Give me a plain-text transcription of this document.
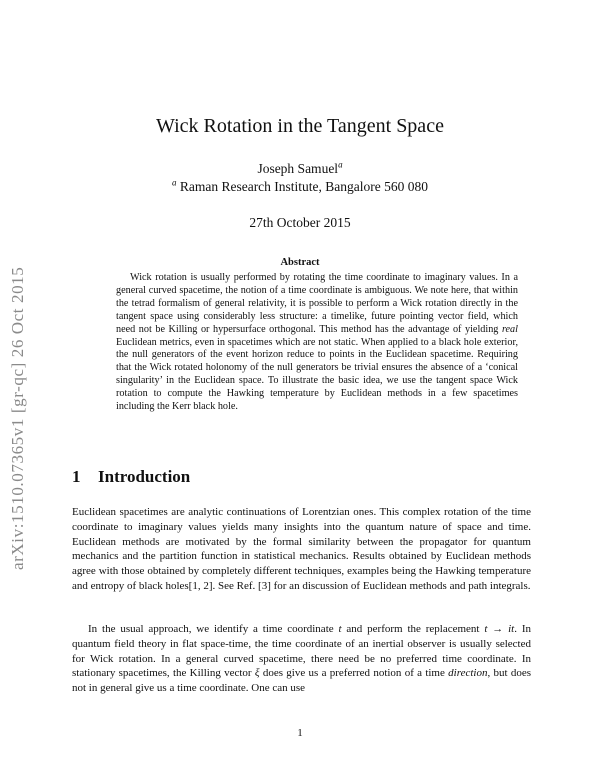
arXiv:1510.07365v1 [gr-qc] 26 Oct 2015
Wick Rotation in the Tangent Space
Joseph Samuel$^a$
$^a$ Raman Research Institute, Bangalore 560 080
27th October 2015
Abstract
Wick rotation is usually performed by rotating the time coordinate to imaginary values. In a general curved spacetime, the notion of a time coordinate is ambiguous. We note here, that within the tetrad formalism of general relativity, it is possible to perform a Wick rotation directly in the tangent space using considerably less structure: a timelike, future pointing vector field, which need not be Killing or hypersurface orthogonal. This method has the advantage of yielding real Euclidean metrics, even in spacetimes which are not static. When applied to a black hole exterior, the null generators of the event horizon reduce to points in the Euclidean spacetime. Requiring that the Wick rotated holonomy of the null generators be trivial ensures the absence of a ‘conical singularity’ in the Euclidean space. To illustrate the basic idea, we use the tangent space Wick rotation to compute the Hawking temperature by Euclidean methods in a few spacetimes including the Kerr black hole.
1 Introduction
Euclidean spacetimes are analytic continuations of Lorentzian ones. This complex rotation of the time coordinate to imaginary values yields many insights into the quantum nature of space and time. Euclidean methods are motivated by the formal similarity between the propagator for quantum mechanics and the partition function in statistical mechanics. Results obtained by Euclidean methods agree with those obtained by completely different techniques, examples being the Hawking temperature and entropy of black holes[1, 2]. See Ref. [3] for an discussion of Euclidean methods and path integrals.
In the usual approach, we identify a time coordinate t and perform the replacement t → it. In quantum field theory in flat space-time, the time coordinate of an inertial observer is usually selected for Wick rotation. In a general curved spacetime, there need be no preferred time coordinate. In stationary spacetimes, the Killing vector ξ does give us a preferred notion of a time direction, but does not in general give us a time coordinate. One can use
1
